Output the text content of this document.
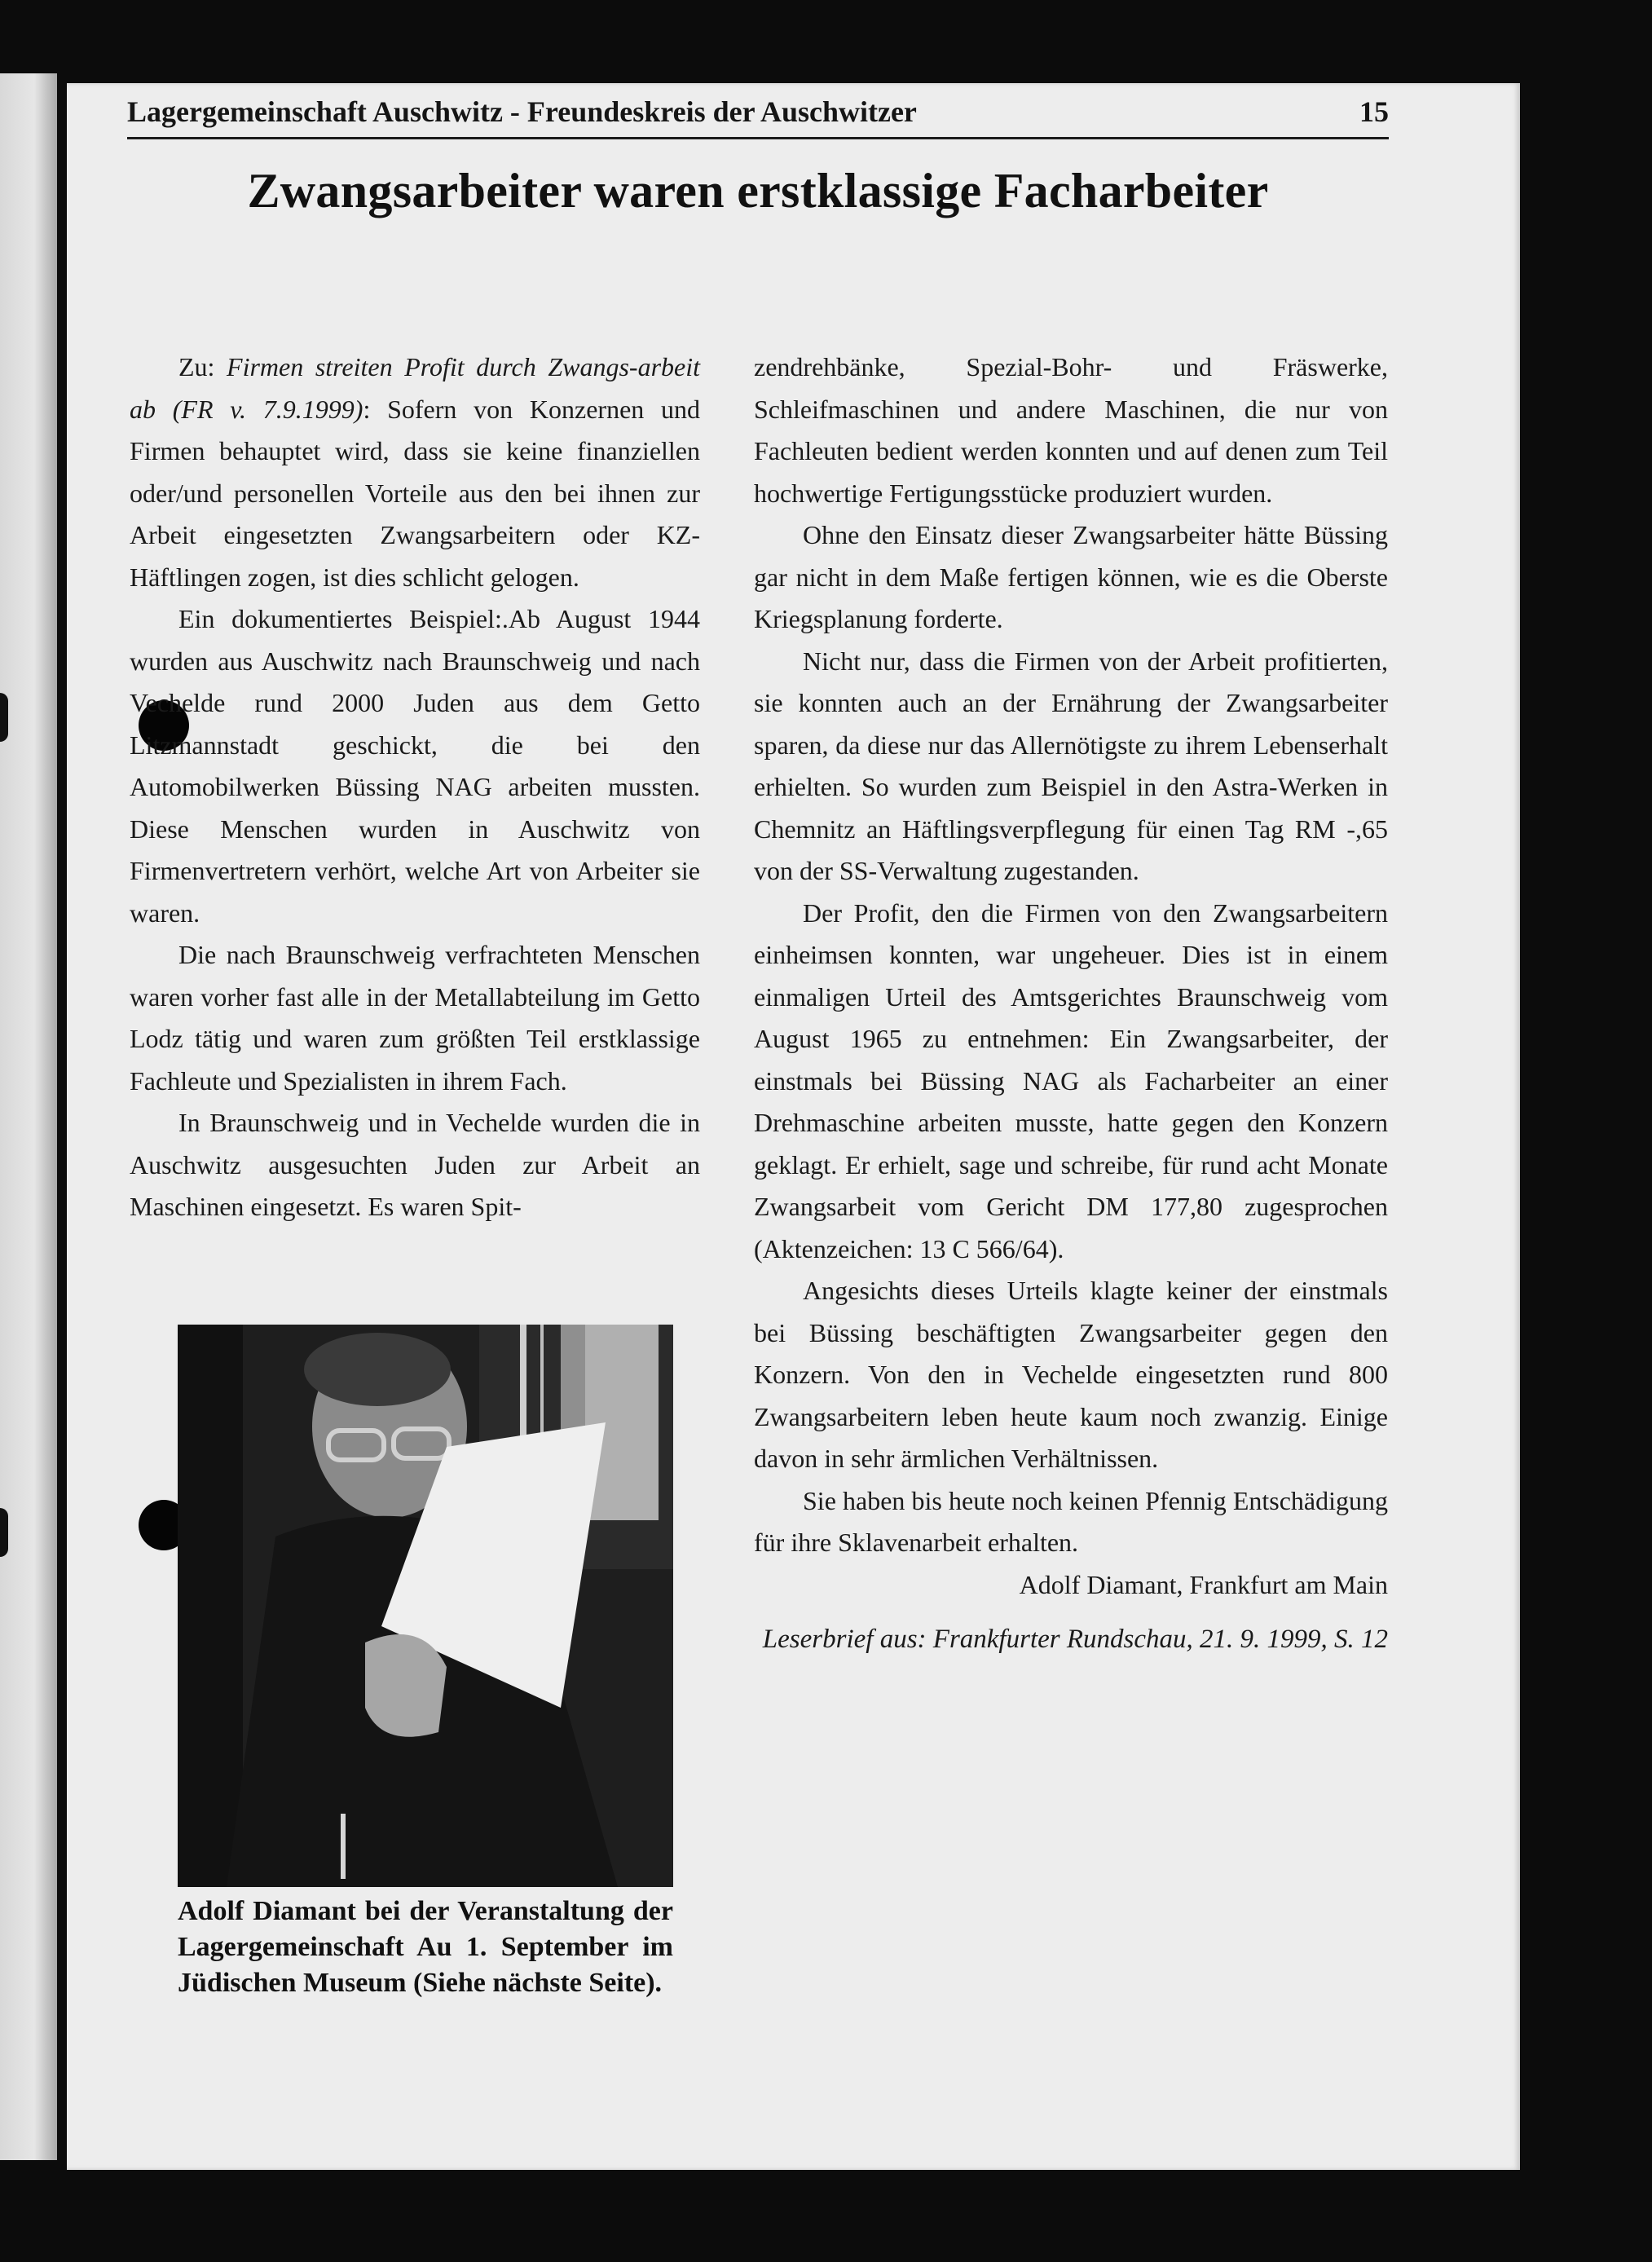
Lagergemeinschaft Auschwitz - Freundeskreis der Auschwitzer	15
Zwangsarbeiter waren erstklassige Facharbeiter

Zu: Firmen streiten Profit durch Zwangs-arbeit ab (FR v. 7.9.1999): Sofern von Konzernen und Firmen behauptet wird, dass sie keine finanziellen oder/und personellen Vorteile aus den bei ihnen zur Arbeit eingesetzten Zwangsarbeitern oder KZ-Häftlingen zogen, ist dies schlicht gelogen.

Ein dokumentiertes Beispiel:.Ab August 1944 wurden aus Auschwitz nach Braunschweig und nach Vechelde rund 2000 Juden aus dem Getto Litzmannstadt geschickt, die bei den Automobilwerken Büssing NAG arbeiten mussten. Diese Menschen wurden in Auschwitz von Firmenvertretern verhört, welche Art von Arbeiter sie waren.

Die nach Braunschweig verfrachteten Menschen waren vorher fast alle in der Metallabteilung im Getto Lodz tätig und waren zum größten Teil erstklassige Fachleute und Spezialisten in ihrem Fach.

In Braunschweig und in Vechelde wurden die in Auschwitz ausgesuchten Juden zur Arbeit an Maschinen eingesetzt. Es waren Spit-

Adolf Diamant bei der Veranstaltung der Lagergemeinschaft Au 1. September im Jüdischen Museum (Siehe nächste Seite).

zendrehbänke, Spezial-Bohr- und Fräswerke, Schleifmaschinen und andere Maschinen, die nur von Fachleuten bedient werden konnten und auf denen zum Teil hochwertige Fertigungsstücke produziert wurden.

Ohne den Einsatz dieser Zwangsarbeiter hätte Büssing gar nicht in dem Maße fertigen können, wie es die Oberste Kriegsplanung forderte.

Nicht nur, dass die Firmen von der Arbeit profitierten, sie konnten auch an der Ernährung der Zwangsarbeiter sparen, da diese nur das Allernötigste zu ihrem Lebenserhalt erhielten. So wurden zum Beispiel in den Astra-Werken in Chemnitz an Häftlingsverpflegung für einen Tag RM -,65 von der SS-Verwaltung zugestanden.

Der Profit, den die Firmen von den Zwangsarbeitern einheimsen konnten, war ungeheuer. Dies ist in einem einmaligen Urteil des Amtsgerichtes Braunschweig vom August 1965 zu entnehmen: Ein Zwangsarbeiter, der einstmals bei Büssing NAG als Facharbeiter an einer Drehmaschine arbeiten musste, hatte gegen den Konzern geklagt. Er erhielt, sage und schreibe, für rund acht Monate Zwangsarbeit vom Gericht DM 177,80 zugesprochen (Aktenzeichen: 13 C 566/64).

Angesichts dieses Urteils klagte keiner der einstmals bei Büssing beschäftigten Zwangsarbeiter gegen den Konzern. Von den in Vechelde eingesetzten rund 800 Zwangsarbeitern leben heute kaum noch zwanzig. Einige davon in sehr ärmlichen Verhältnissen.

Sie haben bis heute noch keinen Pfennig Entschädigung für ihre Sklavenarbeit erhalten.

Adolf Diamant, Frankfurt am Main

Leserbrief aus: Frankfurter Rundschau, 21. 9. 1999, S. 12
